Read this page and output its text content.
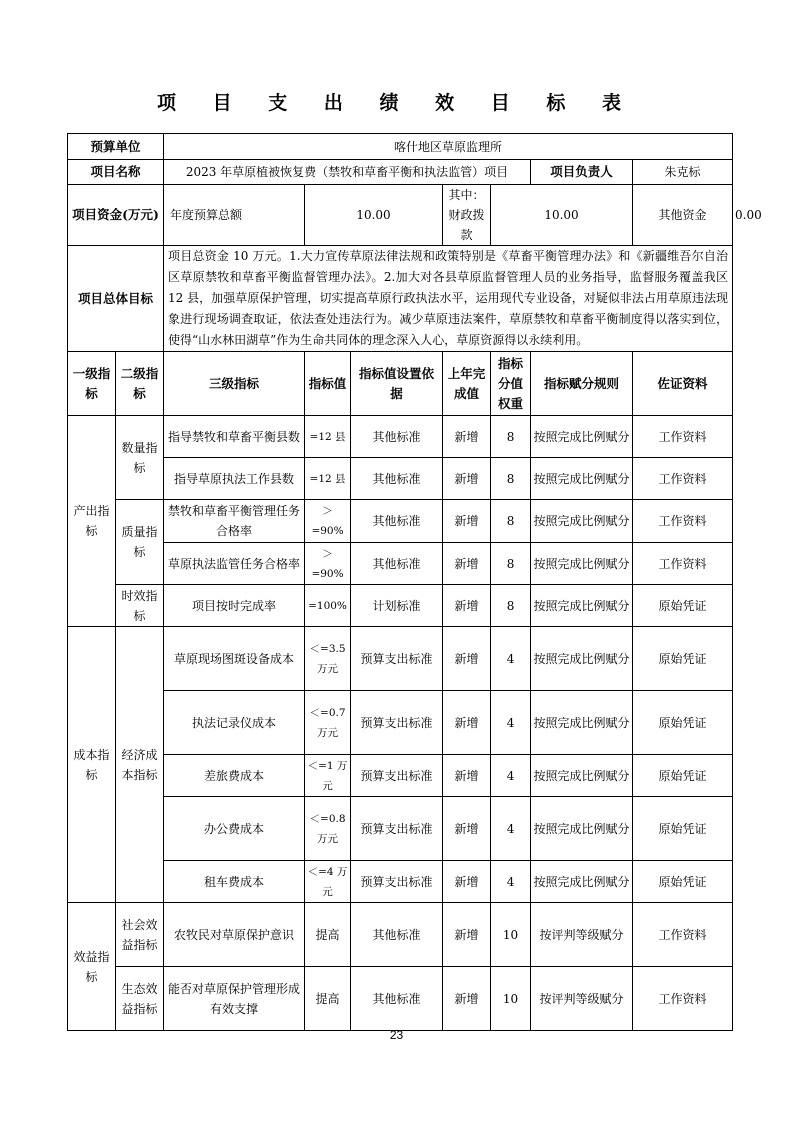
项 目 支 出 绩 效 目 标 表
预算单位		喀什地区草原监理所							
项目名称		2023 年草原植被恢复费（禁牧和草畜平衡和执法监管）项目					项目负责人	朱克标	
项目资金(万元)		年度预算总额	10.00		其中：财政拨款	10.00		其他资金	0.00
项目总体目标		项目总资金 10 万元。1.大力宣传草原法律法规和政策特别是《草畜平衡管理办法》和《新疆维吾尔自治区草原禁牧和草畜平衡监督管理办法》。2.加大对各县草原监督管理人员的业务指导，监督服务覆盖我区 12 县，加强草原保护管理，切实提高草原行政执法水平，运用现代专业设备，对疑似非法占用草原违法现象进行现场调查取证，依法查处违法行为。减少草原违法案件，草原禁牧和草畜平衡制度得以落实到位，使得“山水林田湖草”作为生命共同体的理念深入人心，草原资源得以永续利用。							
一级指标	二级指标	三级指标	指标值	指标值设置依据	上年完成值	指标分值权重	指标赋分规则	佐证资料	
产出指标	数量指标	指导禁牧和草畜平衡县数	=12 县	其他标准	新增	8	按照完成比例赋分	工作资料	
		指导草原执法工作县数	=12 县	其他标准	新增	8	按照完成比例赋分	工作资料	
	质量指标	禁牧和草畜平衡管理任务合格率	＞=90%	其他标准	新增	8	按照完成比例赋分	工作资料	
		草原执法监管任务合格率	＞=90%	其他标准	新增	8	按照完成比例赋分	工作资料	
	时效指标	项目按时完成率	=100%	计划标准	新增	8	按照完成比例赋分	原始凭证	
成本指标	经济成本指标	草原现场图斑设备成本	＜=3.5 万元	预算支出标准	新增	4	按照完成比例赋分	原始凭证	
		执法记录仪成本	＜=0.7 万元	预算支出标准	新增	4	按照完成比例赋分	原始凭证	
		差旅费成本	＜=1 万元	预算支出标准	新增	4	按照完成比例赋分	原始凭证	
		办公费成本	＜=0.8 万元	预算支出标准	新增	4	按照完成比例赋分	原始凭证	
		租车费成本	＜=4 万元	预算支出标准	新增	4	按照完成比例赋分	原始凭证	
效益指标	社会效益指标	农牧民对草原保护意识	提高	其他标准	新增	10	按评判等级赋分	工作资料	
	生态效益指标	能否对草原保护管理形成有效支撑	提高	其他标准	新增	10	按评判等级赋分	工作资料	
23
